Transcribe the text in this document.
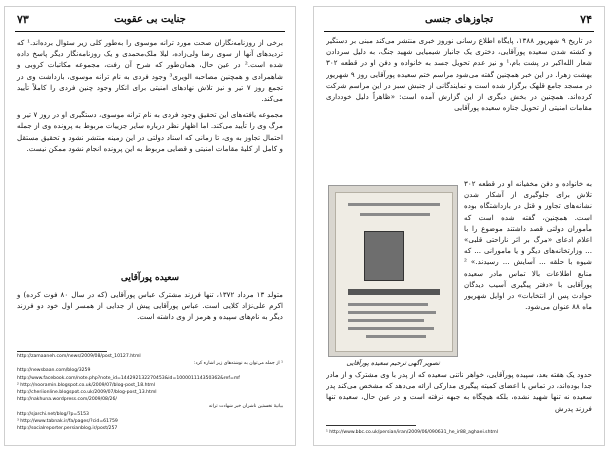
۷۳	جنایت بی عقوبت

برخی از روزنامه‌نگاران صحت مورد ترانه موسوی را به‌طور کلی زیر سئوال برده‌اند.¹ که تردیدهای آنها از سوی رضا ولی‌زاده، لیلا ملک‌محمدی و یک روزنامه‌نگار دیگر پاسخ داده شده است.² در عین حال، همان‌طور که شرح آن رفت، مجموعه مکاتبات کروبی و شاهمرادی و همچنین مصاحبه الویری³ وجود فردی به نام ترانه موسوی، بازداشت وی در تجمع روز ۷ تیر و نیز تلاش نهادهای امنیتی برای انکار وجود چنین فردی را کاملاً تأیید می‌کند.

مجموعه یافته‌های این تحقیق وجود فردی به نام ترانه موسوی، دستگیری او در روز ۷ تیر و مرگ وی را تأیید می‌کند. اما اظهار نظر درباره سایر جزییات مربوط به پرونده وی از جمله احتمال تجاوز به وی، تا زمانی که اسناد دولتی در این زمینه منتشر نشود و تحقیق مستقل و کامل از کلیهٔ مقامات امنیتی و قضایی مربوط به این پرونده انجام نشود ممکن نیست.

سعیده پورآقایی

متولد ۱۳ مرداد ۱۳۷۲، تنها فرزند مشترک عباس پورآقایی (که در سال ۸۰ فوت کرده) و اکرم علی‌نژاد کلایی است. عباس پورآقایی پیش از جدایی از همسر اول خود دو فرزند دیگر به نام‌های سپیده و هرمز از وی داشته است.

http://zamaaneh.com/news/2009/08/post_10127.html
¹ از جمله می‌توان به نوشته‌های زیر اشاره کرد:
http://newsbaan.com/blog/3259
http://www.facebook.com/note.php?note_id=144292132270453&id=100001114350362&ref=mf
² http://nooramin.blogspot.co.uk/2009/07/blog-post_18.html
http://cheriionline.blogspot.co.uk/2009/07/blog-post_13.html
http://nakhunа.wordpress.com/2009/08/26/
بیانیهٔ نخستین ناشران خبر شهادت ترانه
http://sjarchi.net/blog/?p=5153
³ http://www.tabnak.ir/fa/pages/?cid=61759
http://socialreporter.persianblog.ir/post/257
تجاوزهای جنسی	۷۴

در تاریخ ۹ شهریور ۱۳۸۸، پایگاه اطلاع رسانی نوروز خبری منتشر می‌کند مبنی بر دستگیر و کشته شدن سعیده پورآقایی، دختری یک جانباز شیمیایی شهید جنگ، به دلیل سردادن شعار الله‌اکبر در پشت بام،¹ و نیز عدم تحویل جسد به خانواده و دفن او در قطعه ۳۰۲ بهشت زهرا. در این خبر همچنین گفته می‌شود مراسم ختم سعیده پورآقایی روز ۹ شهریور در مسجد جامع قلهک برگزار شده است و نمایندگانی از جنبش سبز در این مراسم شرکت کرده‌اند. همچنین در بخش دیگری از این گزارش آمده است: «ظاهراً دلیل خودداری مقامات امنیتی از تحویل جنازه سعیده پورآقایی

تصویر آگهی ترحیم سعیده پورآقایی

به خانواده و دفن مخفیانه او در قطعه ۳۰۲ تلاش برای جلوگیری از آشکار شدن نشانه‌های تجاوز و قتل در بازداشتگاه بوده است. همچنین، گفته شده است که مأموران دولتی قصد داشتند موضوع را با اعلام ادعای «مرگ بر اثر ناراحتی قلبی» ... وزارتخانه‌های دیگر و یا مامورانی ... که شیوه با حلقه ... آسایش ... رسیدند.» ² منابع اطلاعات بالا تماس مادر سعیده پورآقایی با «دفتر پیگیری آسیب دیدگان حوادث پس از انتخابات» در اوایل شهریور ماه ۸۸ عنوان می‌شود.

حدود یک هفته بعد، سپیده پورآقایی، خواهر ناتنی سعیده که از پدر با وی مشترک و از مادر جدا بوده‌اند، در تماس با اعضای کمیته پیگیری مدارکی ارائه می‌دهد که مشخص می‌کند پدر سعیده نه تنها شهید نشده، بلکه هیچگاه به جبهه نرفته است و در عین حال، سعیده تنها فرزند پدرش

¹ http://www.bbc.co.uk/persian/iran/2009/06/090631_he_ir88_aghaei.shtml
